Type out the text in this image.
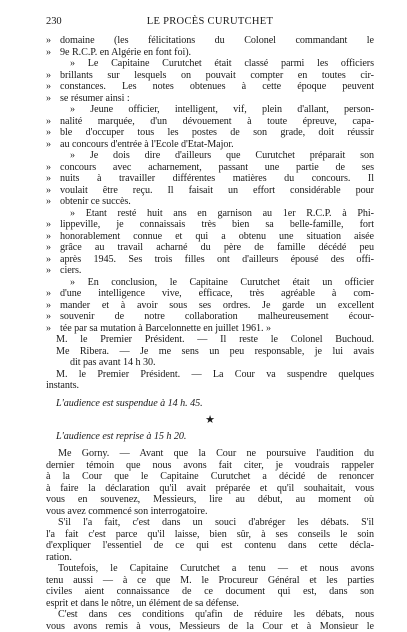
230	LE PROCÈS CURUTCHET
» domaine (les félicitations du Colonel commandant le
» 9e R.C.P. en Algérie en font foi).
» Le Capitaine Curutchet était classé parmi les officiers
» brillants sur lesquels on pouvait compter en toutes cir-
» constances. Les notes obtenues à cette époque peuvent
» se résumer ainsi :
» Jeune officier, intelligent, vif, plein d'allant, person-
» nalité marquée, d'un dévouement à toute épreuve, capa-
» ble d'occuper tous les postes de son grade, doit réussir
» au concours d'entrée à l'Ecole d'Etat-Major.
» Je dois dire d'ailleurs que Curutchet préparait son
» concours avec acharnement, passant une partie de ses
» nuits à travailler différentes matières du concours. Il
» voulait être reçu. Il faisait un effort considérable pour
» obtenir ce succès.
» Etant resté huit ans en garnison au 1er R.C.P. à Phi-
» lippeville, je connaissais très bien sa belle-famille, fort
» honorablement connue et qui a obtenu une situation aisée
» grâce au travail acharné du père de famille décédé peu
» après 1945. Ses trois filles ont d'ailleurs épousé des offi-
» ciers.
» En conclusion, le Capitaine Curutchet était un officier
» d'une intelligence vive, efficace, très agréable à com-
» mander et à avoir sous ses ordres. Je garde un excellent
» souvenir de notre collaboration malheureusement écour-
» tée par sa mutation à Barcelonnette en juillet 1961. »
M. le Premier Président. — Il reste le Colonel Buchoud.
Me Ribera. — Je me sens un peu responsable, je lui avais
dit pas avant 14 h 30.
M. le Premier Président. — La Cour va suspendre quelques
instants.
L'audience est suspendue à 14 h. 45.
★
L'audience est reprise à 15 h 20.
Me Gorny. — Avant que la Cour ne poursuive l'audition du
dernier témoin que nous avons fait citer, je voudrais rappeler
à la Cour que le Capitaine Curutchet a décidé de renoncer
à faire la déclaration qu'il avait préparée et qu'il souhaitait, vous
vous en souvenez, Messieurs, lire au début, au moment où
vous avez commencé son interrogatoire.
S'il l'a fait, c'est dans un souci d'abréger les débats. S'il
l'a fait c'est parce qu'il laisse, bien sûr, à ses conseils le soin
d'expliquer l'essentiel de ce qui est contenu dans cette décla-
ration.
Toutefois, le Capitaine Curutchet a tenu — et nous avons
tenu aussi — à ce que M. le Procureur Général et les parties
civiles aient connaissance de ce document qui est, dans son
esprit et dans le nôtre, un élément de sa défense.
C'est dans ces conditions qu'afin de réduire les débats, nous
vous avons remis à vous, Messieurs de la Cour et à Monsieur le
